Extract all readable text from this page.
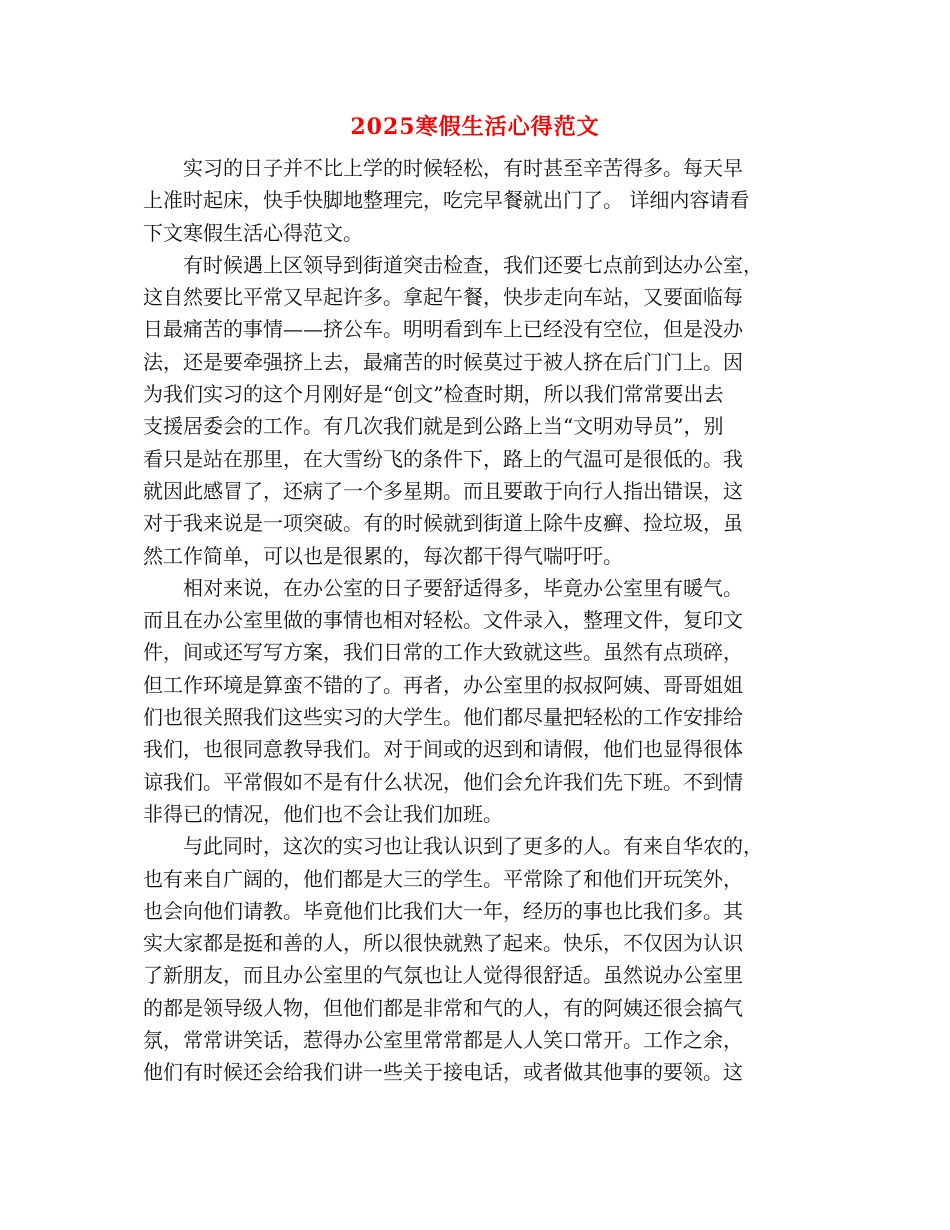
2025寒假生活心得范文
　　实习的日子并不比上学的时候轻松，有时甚至辛苦得多。每天早
上准时起床，快手快脚地整理完，吃完早餐就出门了。 详细内容请看
下文寒假生活心得范文。
　　有时候遇上区领导到街道突击检查，我们还要七点前到达办公室，
这自然要比平常又早起许多。拿起午餐，快步走向车站，又要面临每
日最痛苦的事情——挤公车。明明看到车上已经没有空位，但是没办
法，还是要牵强挤上去，最痛苦的时候莫过于被人挤在后门门上。因
为我们实习的这个月刚好是“创文”检查时期，所以我们常常要出去
支援居委会的工作。有几次我们就是到公路上当“文明劝导员”，别
看只是站在那里，在大雪纷飞的条件下，路上的气温可是很低的。我
就因此感冒了，还病了一个多星期。而且要敢于向行人指出错误，这
对于我来说是一项突破。有的时候就到街道上除牛皮癣、捡垃圾，虽
然工作简单，可以也是很累的，每次都干得气喘吁吁。
　　相对来说，在办公室的日子要舒适得多，毕竟办公室里有暖气。
而且在办公室里做的事情也相对轻松。文件录入，整理文件，复印文
件，间或还写写方案，我们日常的工作大致就这些。虽然有点琐碎，
但工作环境是算蛮不错的了。再者，办公室里的叔叔阿姨、哥哥姐姐
们也很关照我们这些实习的大学生。他们都尽量把轻松的工作安排给
我们，也很同意教导我们。对于间或的迟到和请假，他们也显得很体
谅我们。平常假如不是有什么状况，他们会允许我们先下班。不到情
非得已的情况，他们也不会让我们加班。
　　与此同时，这次的实习也让我认识到了更多的人。有来自华农的，
也有来自广阔的，他们都是大三的学生。平常除了和他们开玩笑外，
也会向他们请教。毕竟他们比我们大一年，经历的事也比我们多。其
实大家都是挺和善的人，所以很快就熟了起来。快乐，不仅因为认识
了新朋友，而且办公室里的气氛也让人觉得很舒适。虽然说办公室里
的都是领导级人物，但他们都是非常和气的人，有的阿姨还很会搞气
氛，常常讲笑话，惹得办公室里常常都是人人笑口常开。工作之余，
他们有时候还会给我们讲一些关于接电话，或者做其他事的要领。这
